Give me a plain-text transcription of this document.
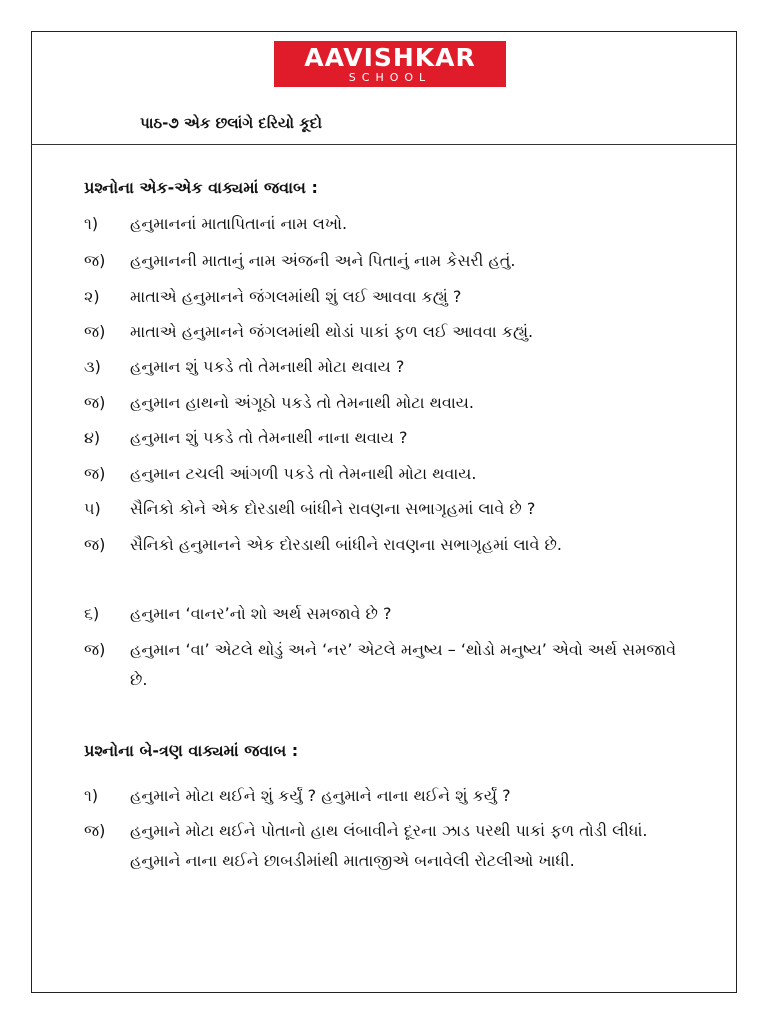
AAVISHKAR
SCHOOL
પાઠ-૭ એક છલાંગે દરિયો કૂદો
પ્રશ્નોના એક-એક વાક્યમાં જવાબ :
૧)	હનુમાનનાં માતાપિતાનાં નામ લખો.
જ)	હનુમાનની માતાનું નામ અંજની અને પિતાનું નામ કેસરી હતું.
૨)	માતાએ હનુમાનને જંગલમાંથી શું લઈ આવવા કહ્યું ?
જ)	માતાએ હનુમાનને જંગલમાંથી થોડાં પાકાં ફળ લઈ આવવા કહ્યું.
૩)	હનુમાન શું પકડે તો તેમનાથી મોટા થવાય ?
જ)	હનુમાન હાથનો અંગૂઠો પકડે તો તેમનાથી મોટા થવાય.
૪)	હનુમાન શું પકડે તો તેમનાથી નાના થવાય ?
જ)	હનુમાન ટચલી આંગળી પકડે તો તેમનાથી મોટા થવાય.
૫)	સૈનિકો કોને એક દોરડાથી બાંધીને રાવણના સભાગૃહમાં લાવે છે ?
જ)	સૈનિકો હનુમાનને એક દોરડાથી બાંધીને રાવણના સભાગૃહમાં લાવે છે.
૬)	હનુમાન ‘વાનર’નો શો અર્થ સમજાવે છે ?
જ)	હનુમાન ‘વા’ એટલે થોડું અને ‘નર’ એટલે મનુષ્ય – ‘થોડો મનુષ્ય’ એવો અર્થ સમજાવે છે.
પ્રશ્નોના બે-ત્રણ વાક્યમાં જવાબ :
૧)	હનુમાને મોટા થઈને શું કર્યું ? હનુમાને નાના થઈને શું કર્યું ?
જ)	હનુમાને મોટા થઈને પોતાનો હાથ લંબાવીને દૂરના ઝાડ પરથી પાકાં ફળ તોડી લીધાં. હનુમાને નાના થઈને છાબડીમાંથી માતાજીએ બનાવેલી રોટલીઓ ખાધી.
